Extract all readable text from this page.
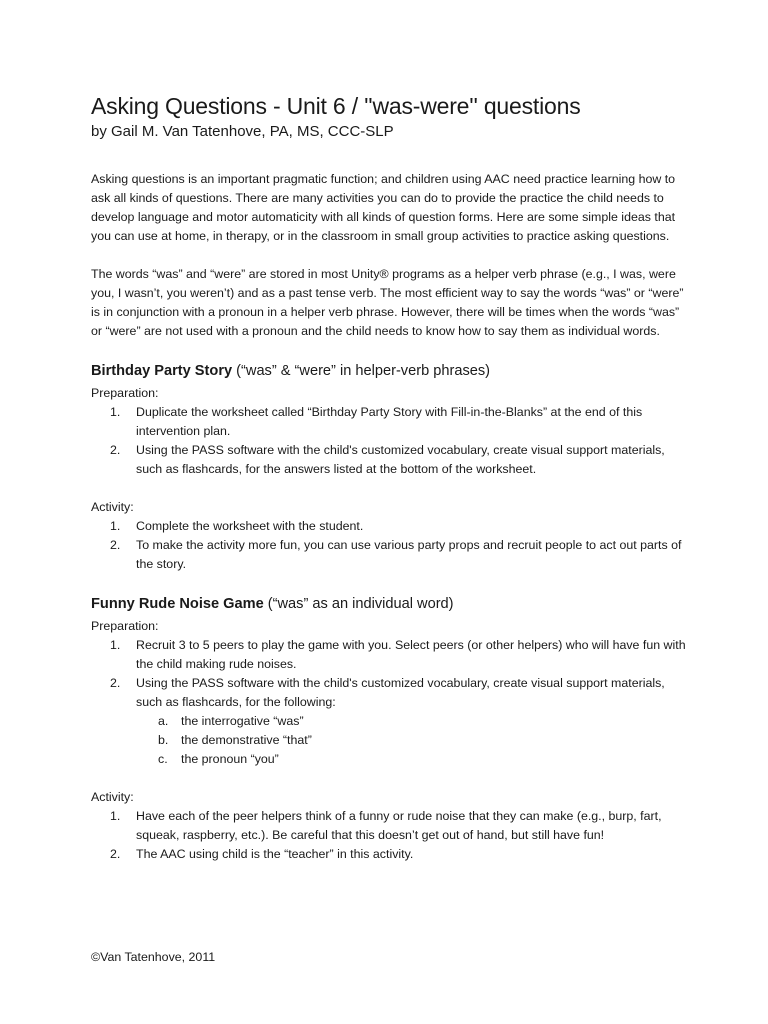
Asking Questions - Unit 6 / ''was-were'' questions

by Gail M. Van Tatenhove, PA, MS, CCC-SLP

Asking questions is an important pragmatic function; and children using AAC need practice learning how to ask all kinds of questions. There are many activities you can do to provide the practice the child needs to develop language and motor automaticity with all kinds of question forms. Here are some simple ideas that you can use at home, in therapy, or in the classroom in small group activities to practice asking questions.

The words “was” and “were” are stored in most Unity® programs as a helper verb phrase (e.g., I was, were you, I wasn’t, you weren’t) and as a past tense verb. The most efficient way to say the words “was” or “were” is in conjunction with a pronoun in a helper verb phrase. However, there will be times when the words “was” or “were” are not used with a pronoun and the child needs to know how to say them as individual words.

Birthday Party Story (“was” & “were” in helper-verb phrases)

Preparation:

1. Duplicate the worksheet called “Birthday Party Story with Fill-in-the-Blanks” at the end of this intervention plan.
2. Using the PASS software with the child's customized vocabulary, create visual support materials, such as flashcards, for the answers listed at the bottom of the worksheet.

Activity:

1. Complete the worksheet with the student.
2. To make the activity more fun, you can use various party props and recruit people to act out parts of the story.
Funny Rude Noise Game (“was” as an individual word)

Preparation:

1. Recruit 3 to 5 peers to play the game with you. Select peers (or other helpers) who will have fun with the child making rude noises.
2. Using the PASS software with the child's customized vocabulary, create visual support materials, such as flashcards, for the following:
a. the interrogative “was”
b. the demonstrative “that”
c. the pronoun “you”

Activity:

1. Have each of the peer helpers think of a funny or rude noise that they can make (e.g., burp, fart, squeak, raspberry, etc.). Be careful that this doesn’t get out of hand, but still have fun!
2. The AAC using child is the “teacher” in this activity.
©Van Tatenhove, 2011
